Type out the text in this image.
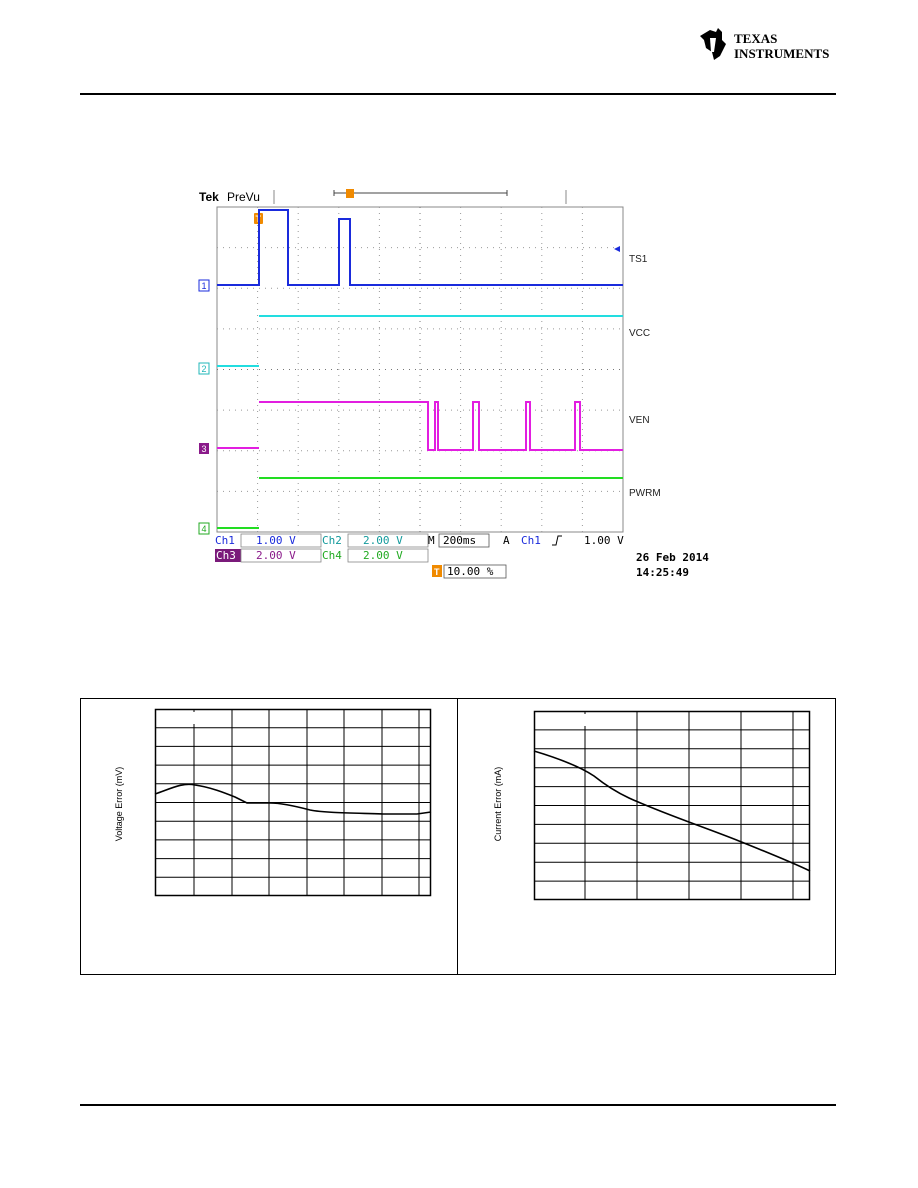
TEXAS
INSTRUMENTS
Tek PreVu
T
1
2
3
4
TS1
VCC
VEN
PWRM
Ch1 1.00 V Ch2 2.00 V M 200ms A Ch1	1.00 V
Ch3 2.00 V Ch4 2.00 V	26 Feb 2014
T 10.00 %	14:25:49
Voltage Error (mV)	Current Error (mA)
